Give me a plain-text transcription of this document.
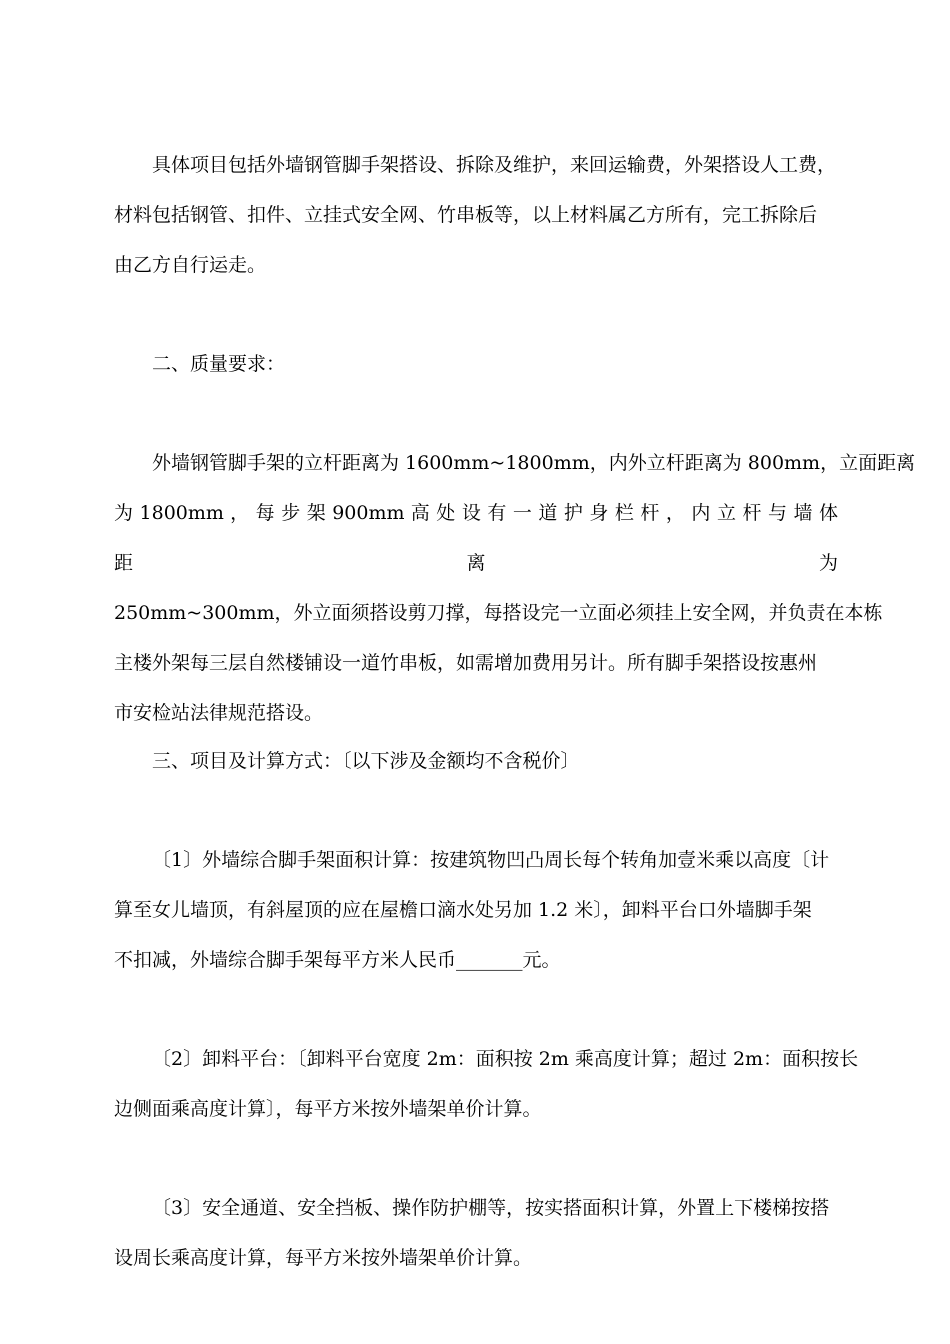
具体项目包括外墙钢管脚手架搭设、拆除及维护，来回运输费，外架搭设人工费，
材料包括钢管、扣件、立挂式安全网、竹串板等，以上材料属乙方所有，完工拆除后
由乙方自行运走。
二、质量要求：
外墙钢管脚手架的立杆距离为 1600mm~1800mm，内外立杆距离为 800mm，立面距离
为 1800mm ， 每 步 架 900mm 高 处 设 有 一 道 护 身 栏 杆 ， 内 立 杆 与 墙 体 距 离 为
250mm~300mm，外立面须搭设剪刀撑，每搭设完一立面必须挂上安全网，并负责在本栋
主楼外架每三层自然楼铺设一道竹串板，如需增加费用另计。所有脚手架搭设按惠州
市安检站法律规范搭设。
三、项目及计算方式：〔以下涉及金额均不含税价〕
〔1〕外墙综合脚手架面积计算：按建筑物凹凸周长每个转角加壹米乘以高度〔计
算至女儿墙顶，有斜屋顶的应在屋檐口滴水处另加 1.2 米〕，卸料平台口外墙脚手架
不扣减，外墙综合脚手架每平方米人民币_______元。
〔2〕卸料平台：〔卸料平台宽度 2m：面积按 2m 乘高度计算；超过 2m：面积按长
边侧面乘高度计算〕，每平方米按外墙架单价计算。
〔3〕安全通道、安全挡板、操作防护棚等，按实搭面积计算，外置上下楼梯按搭
设周长乘高度计算，每平方米按外墙架单价计算。
